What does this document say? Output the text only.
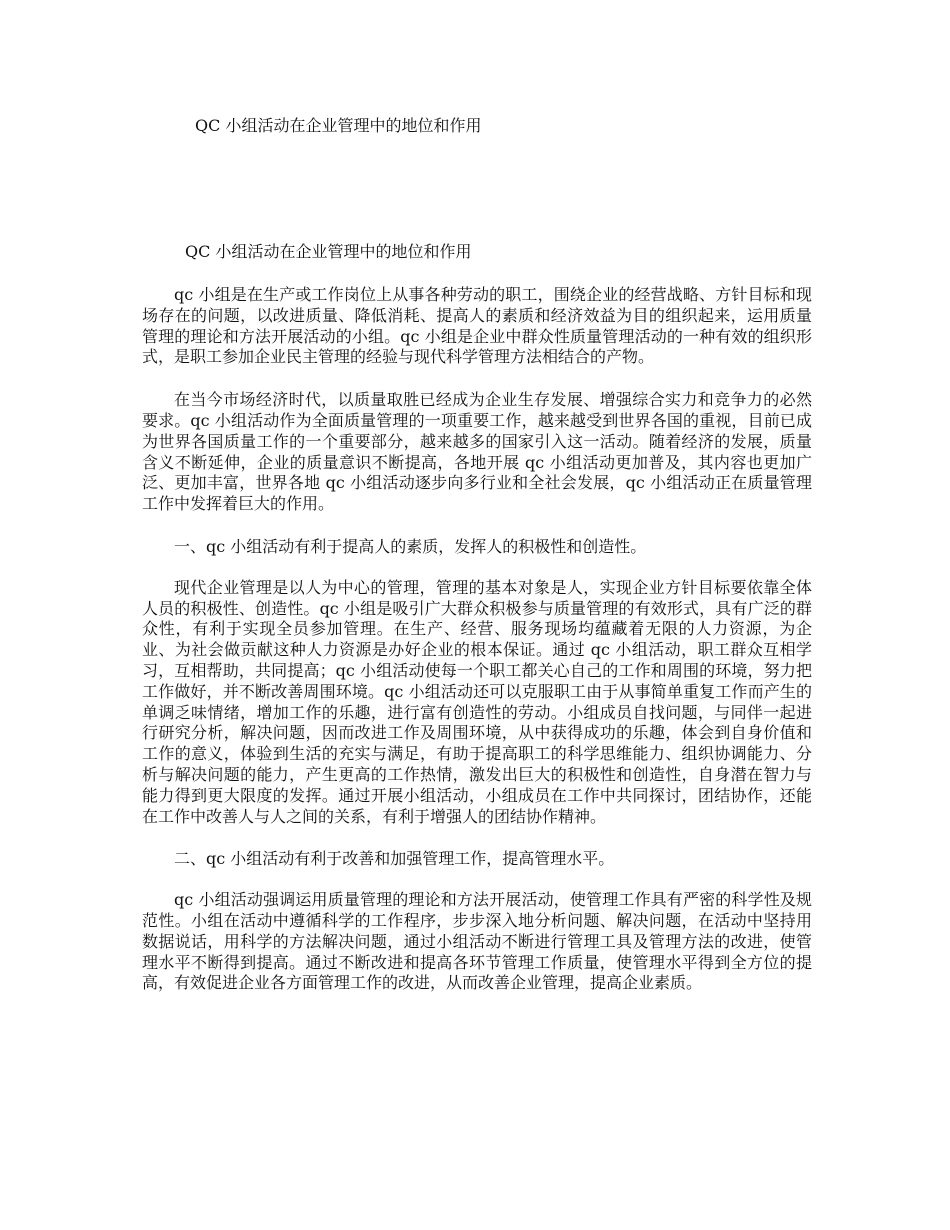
QC 小组活动在企业管理中的地位和作用
QC 小组活动在企业管理中的地位和作用

qc 小组是在生产或工作岗位上从事各种劳动的职工，围绕企业的经营战略、方针目标和现场存在的问题，以改进质量、降低消耗、提高人的素质和经济效益为目的组织起来，运用质量管理的理论和方法开展活动的小组。qc 小组是企业中群众性质量管理活动的一种有效的组织形式，是职工参加企业民主管理的经验与现代科学管理方法相结合的产物。

在当今市场经济时代，以质量取胜已经成为企业生存发展、增强综合实力和竞争力的必然要求。qc 小组活动作为全面质量管理的一项重要工作，越来越受到世界各国的重视，目前已成为世界各国质量工作的一个重要部分，越来越多的国家引入这一活动。随着经济的发展，质量含义不断延伸，企业的质量意识不断提高，各地开展 qc 小组活动更加普及，其内容也更加广泛、更加丰富，世界各地 qc 小组活动逐步向多行业和全社会发展，qc 小组活动正在质量管理工作中发挥着巨大的作用。

一、qc 小组活动有利于提高人的素质，发挥人的积极性和创造性。

现代企业管理是以人为中心的管理，管理的基本对象是人，实现企业方针目标要依靠全体人员的积极性、创造性。qc 小组是吸引广大群众积极参与质量管理的有效形式，具有广泛的群众性，有利于实现全员参加管理。在生产、经营、服务现场均蕴藏着无限的人力资源，为企业、为社会做贡献这种人力资源是办好企业的根本保证。通过 qc 小组活动，职工群众互相学习，互相帮助，共同提高；qc 小组活动使每一个职工都关心自己的工作和周围的环境，努力把工作做好，并不断改善周围环境。qc 小组活动还可以克服职工由于从事简单重复工作而产生的单调乏味情绪，增加工作的乐趣，进行富有创造性的劳动。小组成员自找问题，与同伴一起进行研究分析，解决问题，因而改进工作及周围环境，从中获得成功的乐趣，体会到自身价值和工作的意义，体验到生活的充实与满足，有助于提高职工的科学思维能力、组织协调能力、分析与解决问题的能力，产生更高的工作热情，激发出巨大的积极性和创造性，自身潜在智力与能力得到更大限度的发挥。通过开展小组活动，小组成员在工作中共同探讨，团结协作，还能在工作中改善人与人之间的关系，有利于增强人的团结协作精神。

二、qc 小组活动有利于改善和加强管理工作，提高管理水平。

qc 小组活动强调运用质量管理的理论和方法开展活动，使管理工作具有严密的科学性及规范性。小组在活动中遵循科学的工作程序，步步深入地分析问题、解决问题，在活动中坚持用数据说话，用科学的方法解决问题，通过小组活动不断进行管理工具及管理方法的改进，使管理水平不断得到提高。通过不断改进和提高各环节管理工作质量，使管理水平得到全方位的提高，有效促进企业各方面管理工作的改进，从而改善企业管理，提高企业素质。
